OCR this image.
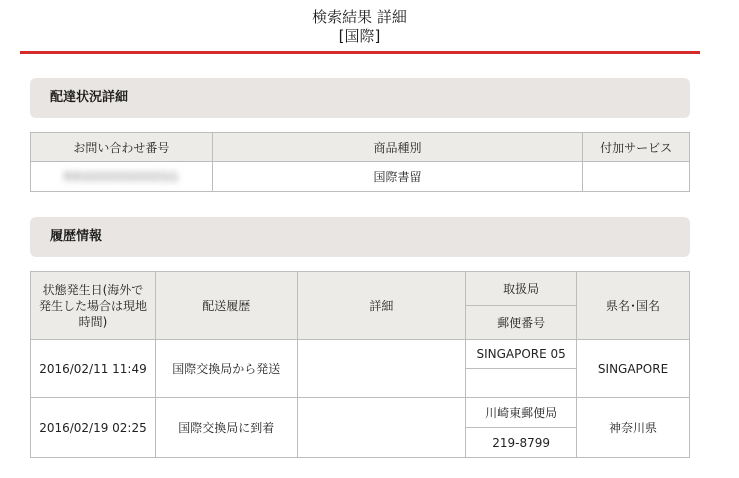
検索結果 詳細
[国際]
配達状況詳細
お問い合わせ番号	商品種別	付加サービス
RR000000000SG	国際書留	
履歴情報
状態発生日(海外で発生した場合は現地時間)	配送履歴	詳細	取扱局	県名･国名
			郵便番号	
2016/02/11 11:49	国際交換局から発送		SINGAPORE 05	SINGAPORE

2016/02/19 02:25	国際交換局に到着		川崎東郵便局	神奈川県
			219-8799	
